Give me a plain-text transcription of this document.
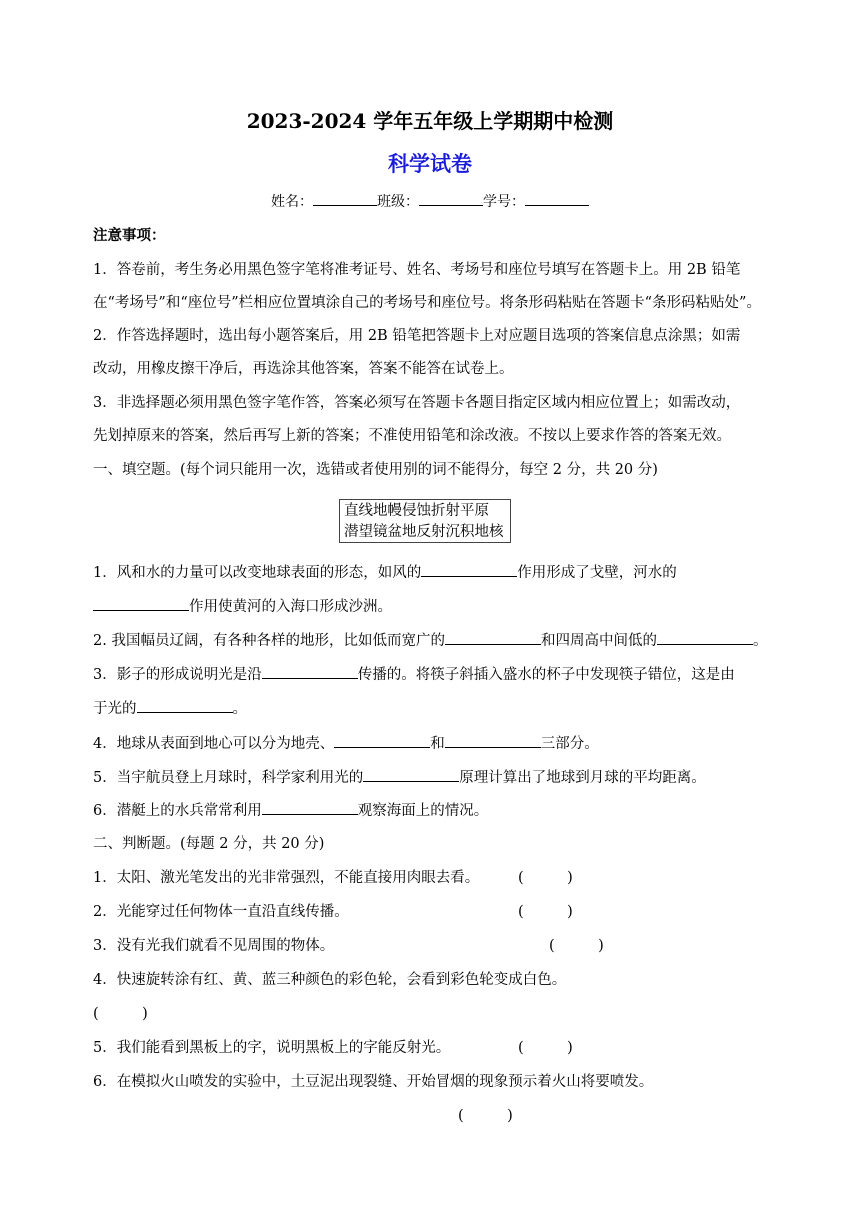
2023-2024 学年五年级上学期期中检测
科学试卷
姓名：	班级：	学号：
注意事项：
1．答卷前，考生务必用黑色签字笔将准考证号、姓名、考场号和座位号填写在答题卡上。用 2B 铅笔
在“考场号”和“座位号”栏相应位置填涂自己的考场号和座位号。将条形码粘贴在答题卡“条形码粘贴处”。
2．作答选择题时，选出每小题答案后，用 2B 铅笔把答题卡上对应题目选项的答案信息点涂黑；如需
改动，用橡皮擦干净后，再选涂其他答案，答案不能答在试卷上。
3．非选择题必须用黑色签字笔作答，答案必须写在答题卡各题目指定区域内相应位置上；如需改动，
先划掉原来的答案，然后再写上新的答案；不准使用铅笔和涂改液。不按以上要求作答的答案无效。
一、填空题。(每个词只能用一次，选错或者使用别的词不能得分，每空 2 分，共 20 分)
直线地幔侵蚀折射平原
潜望镜盆地反射沉积地核
1．风和水的力量可以改变地球表面的形态，如风的	作用形成了戈壁，河水的
作用使黄河的入海口形成沙洲。
2. 我国幅员辽阔，有各种各样的地形，比如低而宽广的	和四周高中间低的	。
3．影子的形成说明光是沿	传播的。将筷子斜插入盛水的杯子中发现筷子错位，这是由
于光的	。
4．地球从表面到地心可以分为地壳、	和	三部分。
5．当宇航员登上月球时，科学家利用光的	原理计算出了地球到月球的平均距离。
6．潜艇上的水兵常常利用	观察海面上的情况。
二、判断题。(每题 2 分，共 20 分)
1．太阳、激光笔发出的光非常强烈，不能直接用肉眼去看。	(　　　)
2．光能穿过任何物体一直沿直线传播。	(　　　)
3．没有光我们就看不见周围的物体。	(　　　)
4．快速旋转涂有红、黄、蓝三种颜色的彩色轮，会看到彩色轮变成白色。
(　　　)
5．我们能看到黑板上的字，说明黑板上的字能反射光。	(　　　)
6．在模拟火山喷发的实验中，土豆泥出现裂缝、开始冒烟的现象预示着火山将要喷发。
(　　　)
